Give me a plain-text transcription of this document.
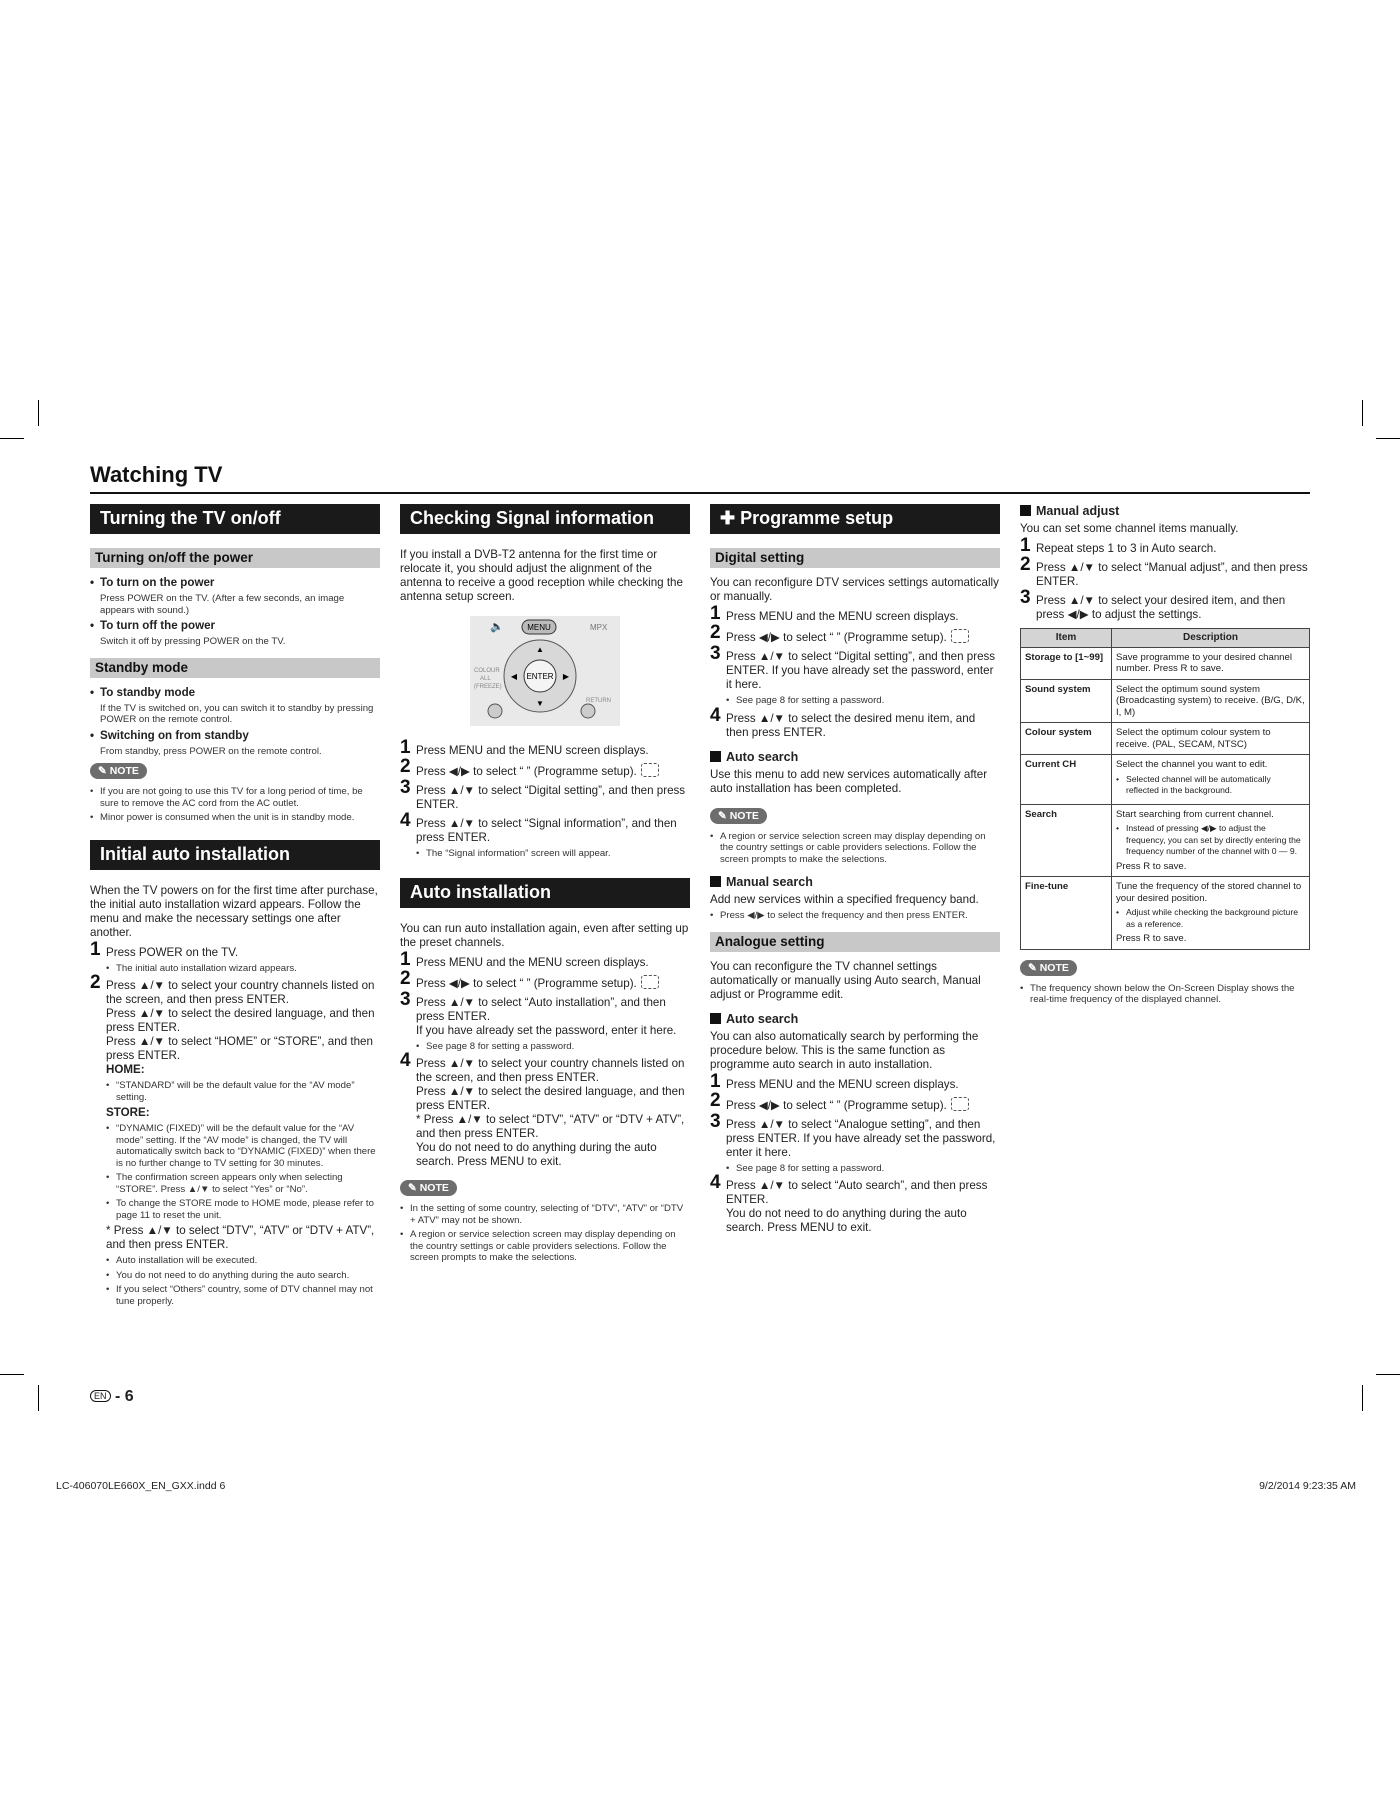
Watching TV
Turning the TV on/off
Turning on/off the power
• To turn on the power
Press POWER on the TV. (After a few seconds, an image appears with sound.)
• To turn off the power
Switch it off by pressing POWER on the TV.
Standby mode
• To standby mode
If the TV is switched on, you can switch it to standby by pressing POWER on the remote control.
• Switching on from standby
From standby, press POWER on the remote control.
✎ NOTE
• If you are not going to use this TV for a long period of time, be sure to remove the AC cord from the AC outlet.
• Minor power is consumed when the unit is in standby mode.
Initial auto installation

When the TV powers on for the first time after purchase, the initial auto installation wizard appears. Follow the menu and make the necessary settings one after another.

1 Press POWER on the TV.
• The initial auto installation wizard appears.
2 Press ▲/▼ to select your country channels listed on the screen, and then press ENTER.
Press ▲/▼ to select the desired language, and then press ENTER.
Press ▲/▼ to select “HOME” or “STORE”, and then press ENTER.
HOME:
• “STANDARD” will be the default value for the “AV mode” setting.
STORE:
• “DYNAMIC (FIXED)” will be the default value for the “AV mode” setting. If the “AV mode” is changed, the TV will automatically switch back to “DYNAMIC (FIXED)” when there is no further change to TV setting for 30 minutes.
• The confirmation screen appears only when selecting “STORE”. Press ▲/▼ to select “Yes” or “No”.
• To change the STORE mode to HOME mode, please refer to page 11 to reset the unit.
* Press ▲/▼ to select “DTV”, “ATV” or “DTV + ATV”, and then press ENTER.
• Auto installation will be executed.
• You do not need to do anything during the auto search.
• If you select “Others” country, some of DTV channel may not tune properly.
Checking Signal information

If you install a DVB-T2 antenna for the first time or relocate it, you should adjust the alignment of the antenna to receive a good reception while checking the antenna setup screen.

🔈	MENU	MPX
ENTER
▲
▼
◀	▶
COLOUR
ALL
(FREEZE)
RETURN
1 Press MENU and the MENU screen displays.
2 Press ◀/▶ to select “ ” (Programme setup).
3 Press ▲/▼ to select “Digital setting”, and then press ENTER.
4 Press ▲/▼ to select “Signal information”, and then press ENTER.
• The “Signal information” screen will appear.
Auto installation

You can run auto installation again, even after setting up the preset channels.

1 Press MENU and the MENU screen displays.
2 Press ◀/▶ to select “ ” (Programme setup).
3 Press ▲/▼ to select “Auto installation”, and then press ENTER.
If you have already set the password, enter it here.
• See page 8 for setting a password.
4 Press ▲/▼ to select your country channels listed on the screen, and then press ENTER.
Press ▲/▼ to select the desired language, and then press ENTER.
* Press ▲/▼ to select “DTV”, “ATV” or “DTV + ATV”, and then press ENTER.
You do not need to do anything during the auto search. Press MENU to exit.
✎ NOTE
• In the setting of some country, selecting of “DTV”, “ATV” or “DTV + ATV” may not be shown.
• A region or service selection screen may display depending on the country settings or cable providers selections. Follow the screen prompts to make the selections.
✚ Programme setup
Digital setting

You can reconfigure DTV services settings automatically or manually.

1 Press MENU and the MENU screen displays.
2 Press ◀/▶ to select “ ” (Programme setup).
3 Press ▲/▼ to select “Digital setting”, and then press ENTER. If you have already set the password, enter it here.
• See page 8 for setting a password.
4 Press ▲/▼ to select the desired menu item, and then press ENTER.
Auto search

Use this menu to add new services automatically after auto installation has been completed.

✎ NOTE
• A region or service selection screen may display depending on the country settings or cable providers selections. Follow the screen prompts to make the selections.
Manual search

Add new services within a specified frequency band.

• Press ◀/▶ to select the frequency and then press ENTER.
Analogue setting

You can reconfigure the TV channel settings automatically or manually using Auto search, Manual adjust or Programme edit.

Auto search

You can also automatically search by performing the procedure below. This is the same function as programme auto search in auto installation.

1 Press MENU and the MENU screen displays.
2 Press ◀/▶ to select “ ” (Programme setup).
3 Press ▲/▼ to select “Analogue setting”, and then press ENTER. If you have already set the password, enter it here.
• See page 8 for setting a password.
4 Press ▲/▼ to select “Auto search”, and then press ENTER.
You do not need to do anything during the auto search. Press MENU to exit.
Manual adjust

You can set some channel items manually.

1 Repeat steps 1 to 3 in Auto search.
2 Press ▲/▼ to select “Manual adjust”, and then press ENTER.
3 Press ▲/▼ to select your desired item, and then press ◀/▶ to adjust the settings.
Item	Description
Storage to [1~99]	Save programme to your desired channel number. Press R to save.
Sound system	Select the optimum sound system (Broadcasting system) to receive. (B/G, D/K, I, M)
Colour system	Select the optimum colour system to receive. (PAL, SECAM, NTSC)
Current CH	Select the channel you want to edit.
• Selected channel will be automatically reflected in the background.

Search	Start searching from current channel.
• Instead of pressing ◀/▶ to adjust the frequency, you can set by directly entering the frequency number of the channel with 0 — 9.
Press R to save.

Fine-tune	Tune the frequency of the stored channel to your desired position.
• Adjust while checking the background picture as a reference.
Press R to save.
✎ NOTE
• The frequency shown below the On-Screen Display shows the real-time frequency of the displayed channel.
EN - 6
LC-406070LE660X_EN_GXX.indd 6	9/2/2014 9:23:35 AM
